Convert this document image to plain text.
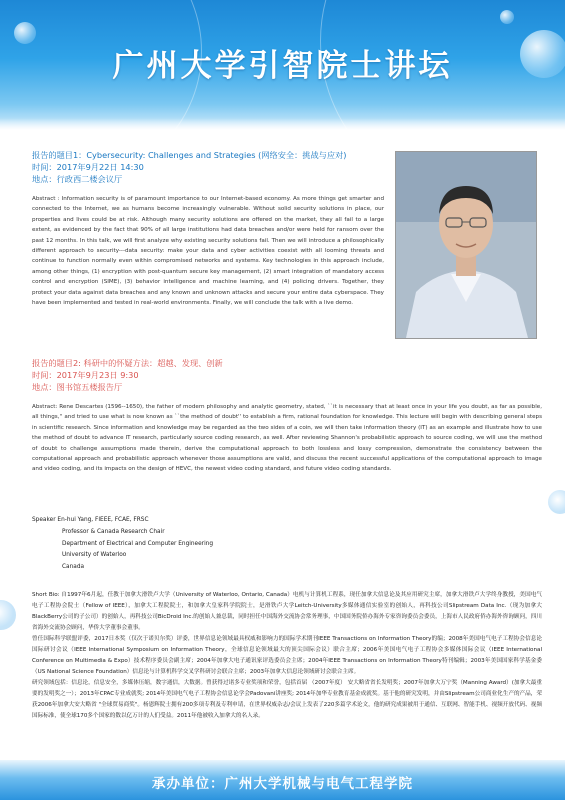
广州大学引智院士讲坛
报告的题目1：Cybersecurity: Challenges and Strategies (网络安全：挑战与应对)
时间：2017年9月22日 14:30
地点：行政西二楼会议厅
Abstract : Information security is of paramount importance to our Internet-based economy. As more things get smarter and connected to the Internet, we as humans become increasingly vulnerable. Without solid security solutions in place, our properties and lives could be at risk. Although many security solutions are offered on the market, they all fail to a large extent, as evidenced by the fact that 90% of all large institutions had data breaches and/or were held for ransom over the past 12 months. In this talk, we will first analyze why existing security solutions fail. Then we will introduce a philosophically different approach to security---data security: make your data and cyber activities coexist with all looming threats and continue to function normally even within compromised networks and systems. Key technologies in this approach include, among other things, (1) encryption with post-quantum secure key management, (2) smart integration of mandatory access control and encryption (SIME), (3) behavior intelligence and machine learning, and (4) policing drivers. Together, they protect your data against data breaches and any known and unknown attacks and secure your entire data cyberspace. They have been implemented and tested in real-world environments. Finally, we will conclude the talk with a live demo.
报告的题目2: 科研中的怀疑方法：超越、发现、创新
时间：2017年9月23日 9:30
地点：图书馆五楼报告厅
Abstract: Rene Descartes (1596--1650), the father of modern philosophy and analytic geometry, stated, ``it is necessary that at least once in your life you doubt, as far as possible, all things,'' and tried to use what is now known as ``the method of doubt'' to establish a firm, rational foundation for knowledge. This lecture will begin with describing general steps in scientific research. Since information and knowledge may be regarded as the two sides of a coin, we will then take information theory (IT) as an example and illustrate how to use the method of doubt to advance IT research, particularly source coding research, as well. After reviewing Shannon's probabilistic approach to source coding, we will use the method of doubt to challenge assumptions made therein, derive the computational approach to both lossless and lossy compression, demonstrate the consistency between the computational approach and probabilistic approach whenever those assumptions are valid, and discuss the recent successful applications of the computational approach to image and video coding, and its impacts on the design of HEVC, the newest video coding standard, and future video coding standards.
Speaker En-hui Yang, FIEEE, FCAE, FRSC
Professor & Canada Research Chair
Department of Electrical and Computer Engineering
University of Waterloo
Canada
Short Bio: 自1997年6月起，任教于加拿大滑铁卢大学（University of Waterloo, Ontario, Canada）电机与计算机工程系，现任加拿大信息论及其应用研究主席，加拿大滑铁卢大学终身教授，美国电气电子工程协会院士（Fellow of IEEE），加拿大工程院院士，和加拿大皇家科学院院士，是滑铁卢大学Leitch-University多媒体通信实验室的创始人，再科技公司Slipstream Data Inc.（现为加拿大BlackBerry公司的子公司）的创始人，再科技公司BicDroid Inc.的创始人兼总裁，同时担任中国海外交流协会常务理事，中国国务院侨办海外专家咨询委员会委员，上海市人民政府侨办海外咨询顾问，四川省海外交流协会顾问，华侨大学董事会董事。
曾任国际科学联盟评委，2017日本奖（仅次于诺贝尔奖）评委，世界信息论领域最具权威和影响力的国际学术期刊IEEE Transactions on Information Theory的编；2008年美国电气电子工程协会信息论国际研讨会议（IEEE International Symposium on Information Theory，全球信息论领域最大的顶尖国际会议）联合主席；2006年美国电气电子工程协会多媒体国际会议（IEEE International Conference on Multimedia & Expo）技术程序委员会副主席；2004年加拿大电子通讯家评选委员会主席；2004年IEEE Transactions on Information Theory特刊编辑；2003年美国国家科学基金委（US National Science Foundation）信息论与计算机科学交叉学科研讨会联合主席；2003年加拿大信息论领域研讨会联合主席。
研究领域包括：信息论，信息安全，多媒体压缩，数字通信，大数据。曾获得过诸多专业奖项和荣誉，包括首届 （2007年度） 安大略省省长发明奖；2007年加拿大万宁奖（Manning Award）(加拿大最重要的发明奖之一）；2013年CPAC专业成就奖; 2014年美国电气电子工程协会信息论学会Padovani讲座奖; 2014年加华专业教育基金成就奖。基于他的研究发明，并由Slipstream公司商业化生产的产品，荣获2006年加拿大安大略省 "全球贸易商奖"。杨恩辉院士拥有200多项专利及专利申请，在世界权威杂志/会议上发表了220多篇学术论文，他的研究成果被用于通信、互联网、智能手机、视频开放代码、视频国际标准，使全球170多个国家的数以亿万计的人们受益。2011年他被收入加拿大的名人录。
承办单位：广州大学机械与电气工程学院
